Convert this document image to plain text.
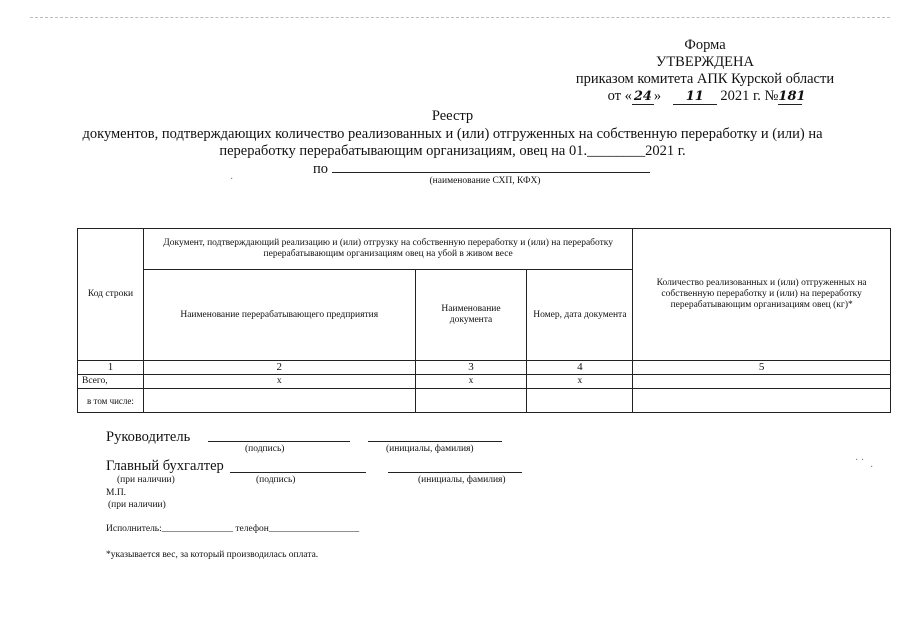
Форма
УТВЕРЖДЕНА
приказом комитета АПК Курской области
от « 24 » 11 2021 г. №181
Реестр
документов, подтверждающих количество реализованных и (или) отгруженных на собственную переработку и (или) на
переработку перерабатывающим организациям, овец на 01.________2021 г.
по
(наименование СХП, КФХ)
Код строки	Документ, подтверждающий реализацию и (или) отгрузку на собственную переработку и (или) на переработку перерабатывающим организациям овец на убой в живом весе			Количество реализованных и (или) отгруженных на собственную переработку и (или) на переработку перерабатывающим организациям овец (кг)*
	Наименование перерабатывающего предприятия	Наименование документа	Номер, дата документа	
1	2	3	4	5
Всего,	х	х	х	
в том числе:				
Руководитель
(подпись)	(инициалы, фамилия)
Главный бухгалтер
(при наличии)	(подпись)	(инициалы, фамилия)
М.П.
(при наличии)
Исполнитель:_______________ телефон___________________
*указывается вес, за который производилась оплата.
· ·
·
·
